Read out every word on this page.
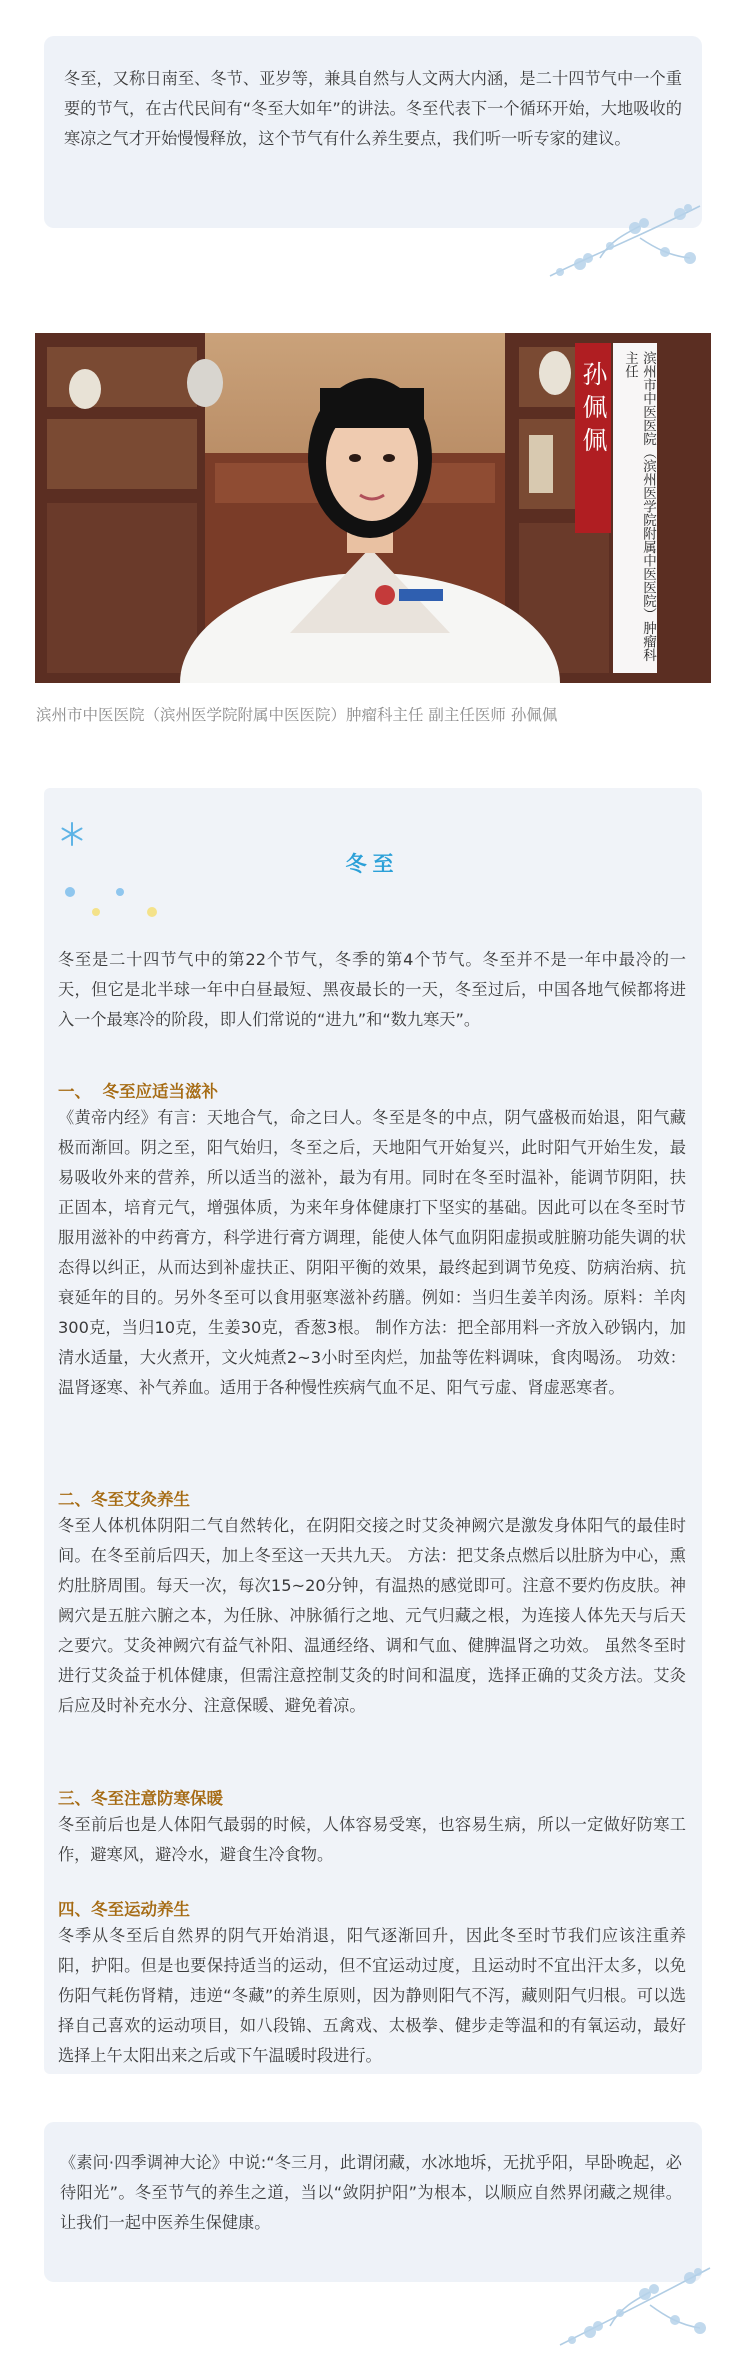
冬至，又称日南至、冬节、亚岁等，兼具自然与人文两大内涵，是二十四节气中一个重要的节气，在古代民间有“冬至大如年”的讲法。冬至代表下一个循环开始，大地吸收的寒凉之气才开始慢慢释放，这个节气有什么养生要点，我们听一听专家的建议。

孙佩佩	滨州市中医医院（滨州医学院附属中医医院）肿瘤科主任
滨州市中医医院（滨州医学院附属中医医院）肿瘤科主任 副主任医师 孙佩佩
冬至

冬至是二十四节气中的第22个节气，冬季的第4个节气。冬至并不是一年中最冷的一天，但它是北半球一年中白昼最短、黑夜最长的一天，冬至过后，中国各地气候都将进入一个最寒冷的阶段，即人们常说的“进九”和“数九寒天”。

一、  冬至应适当滋补

《黄帝内经》有言：天地合气，命之曰人。冬至是冬的中点，阴气盛极而始退，阳气藏极而渐回。阴之至，阳气始归，冬至之后，天地阳气开始复兴，此时阳气开始生发，最易吸收外来的营养，所以适当的滋补，最为有用。同时在冬至时温补，能调节阴阳，扶正固本，培育元气，增强体质，为来年身体健康打下坚实的基础。因此可以在冬至时节服用滋补的中药膏方，科学进行膏方调理，能使人体气血阴阳虚损或脏腑功能失调的状态得以纠正，从而达到补虚扶正、阴阳平衡的效果，最终起到调节免疫、防病治病、抗衰延年的目的。另外冬至可以食用驱寒滋补药膳。例如：当归生姜羊肉汤。原料：羊肉300克，当归10克，生姜30克，香葱3根。 制作方法：把全部用料一齐放入砂锅内，加清水适量，大火煮开，文火炖煮2~3小时至肉烂，加盐等佐料调味，食肉喝汤。 功效：温肾逐寒、补气养血。适用于各种慢性疾病气血不足、阳气亏虚、肾虚恶寒者。

二、冬至艾灸养生

冬至人体机体阴阳二气自然转化，在阴阳交接之时艾灸神阙穴是激发身体阳气的最佳时间。在冬至前后四天，加上冬至这一天共九天。 方法：把艾条点燃后以肚脐为中心，熏灼肚脐周围。每天一次，每次15~20分钟，有温热的感觉即可。注意不要灼伤皮肤。神阙穴是五脏六腑之本，为任脉、冲脉循行之地、元气归藏之根，为连接人体先天与后天之要穴。艾灸神阙穴有益气补阳、温通经络、调和气血、健脾温肾之功效。 虽然冬至时进行艾灸益于机体健康，但需注意控制艾灸的时间和温度，选择正确的艾灸方法。艾灸后应及时补充水分、注意保暖、避免着凉。

三、冬至注意防寒保暖

冬至前后也是人体阳气最弱的时候，人体容易受寒，也容易生病，所以一定做好防寒工作，避寒风，避冷水，避食生冷食物。

四、冬至运动养生

冬季从冬至后自然界的阴气开始消退，阳气逐渐回升，因此冬至时节我们应该注重养阳，护阳。但是也要保持适当的运动，但不宜运动过度，且运动时不宜出汗太多，以免伤阳气耗伤肾精，违逆“冬藏”的养生原则，因为静则阳气不泻，藏则阳气归根。可以选择自己喜欢的运动项目，如八段锦、五禽戏、太极拳、健步走等温和的有氧运动，最好选择上午太阳出来之后或下午温暖时段进行。

《素问·四季调神大论》中说:“冬三月，此谓闭藏，水冰地坼，无扰乎阳，早卧晚起，必待阳光”。冬至节气的养生之道，当以“敛阴护阳”为根本，以顺应自然界闭藏之规律。让我们一起中医养生保健康。
